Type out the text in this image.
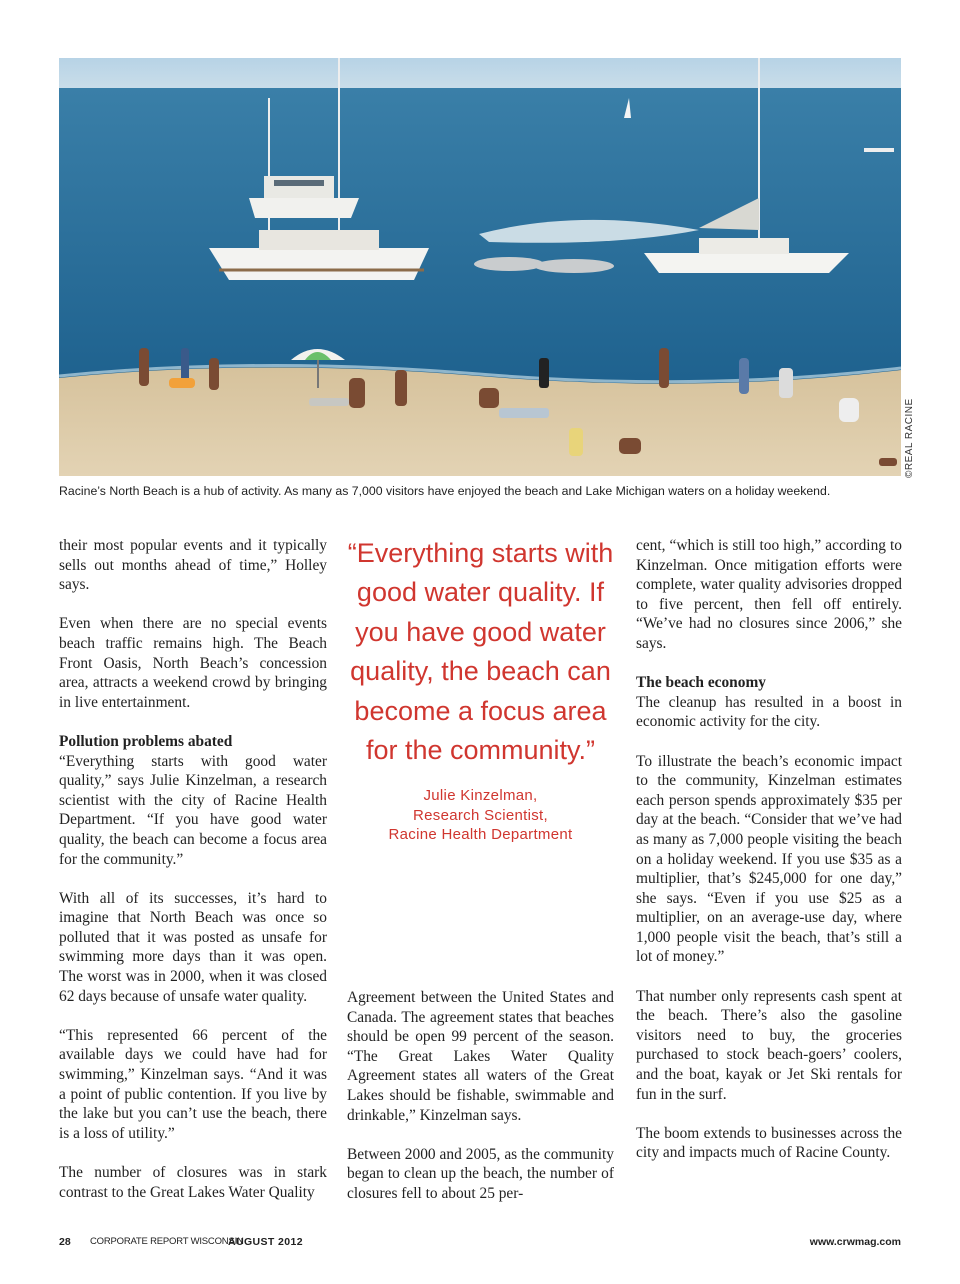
©REAL RACINE
Racine’s North Beach is a hub of activity. As many as 7,000 visitors have enjoyed the beach and Lake Michigan waters on a holiday weekend.

their most popular events and it typically sells out months ahead of time,” Holley says.

Even when there are no special events beach traffic remains high. The Beach Front Oasis, North Beach’s concession area, attracts a weekend crowd by bringing in live entertainment.

Pollution problems abated

“Everything starts with good water quality,” says Julie Kinzelman, a research scientist with the city of Racine Health Department. “If you have good water quality, the beach can become a focus area for the community.”

With all of its successes, it’s hard to imagine that North Beach was once so polluted that it was posted as unsafe for swimming more days than it was open. The worst was in 2000, when it was closed 62 days because of unsafe water quality.

“This represented 66 percent of the available days we could have had for swimming,” Kinzelman says. “And it was a point of public contention. If you live by the lake but you can’t use the beach, there is a loss of utility.”

The number of closures was in stark contrast to the Great Lakes Water Quality

“Everything starts with good water quality. If you have good water quality, the beach can become a focus area for the community.”

Julie Kinzelman,
Research Scientist,
Racine Health Department

Agreement between the United States and Canada. The agreement states that beaches should be open 99 percent of the season. “The Great Lakes Water Quality Agreement states all waters of the Great Lakes should be fishable, swimmable and drinkable,” Kinzelman says.

Between 2000 and 2005, as the community began to clean up the beach, the number of closures fell to about 25 per-

cent, “which is still too high,” according to Kinzelman. Once mitigation efforts were complete, water quality advisories dropped to five percent, then fell off entirely. “We’ve had no closures since 2006,” she says.

The beach economy

The cleanup has resulted in a boost in economic activity for the city.

To illustrate the beach’s economic impact to the community, Kinzelman estimates each person spends approximately $35 per day at the beach. “Consider that we’ve had as many as 7,000 people visiting the beach on a holiday weekend. If you use $35 as a multiplier, that’s $245,000 for one day,” she says. “Even if you use $25 as a multiplier, on an average-use day, where 1,000 people visit the beach, that’s still a lot of money.”

That number only represents cash spent at the beach. There’s also the gasoline visitors need to buy, the groceries purchased to stock beach-goers’ coolers, and the boat, kayak or Jet Ski rentals for fun in the surf.

The boom extends to businesses across the city and impacts much of Racine County.

28 CORPORATE REPORT WISCONSIN
AUGUST 2012	www.crwmag.com
